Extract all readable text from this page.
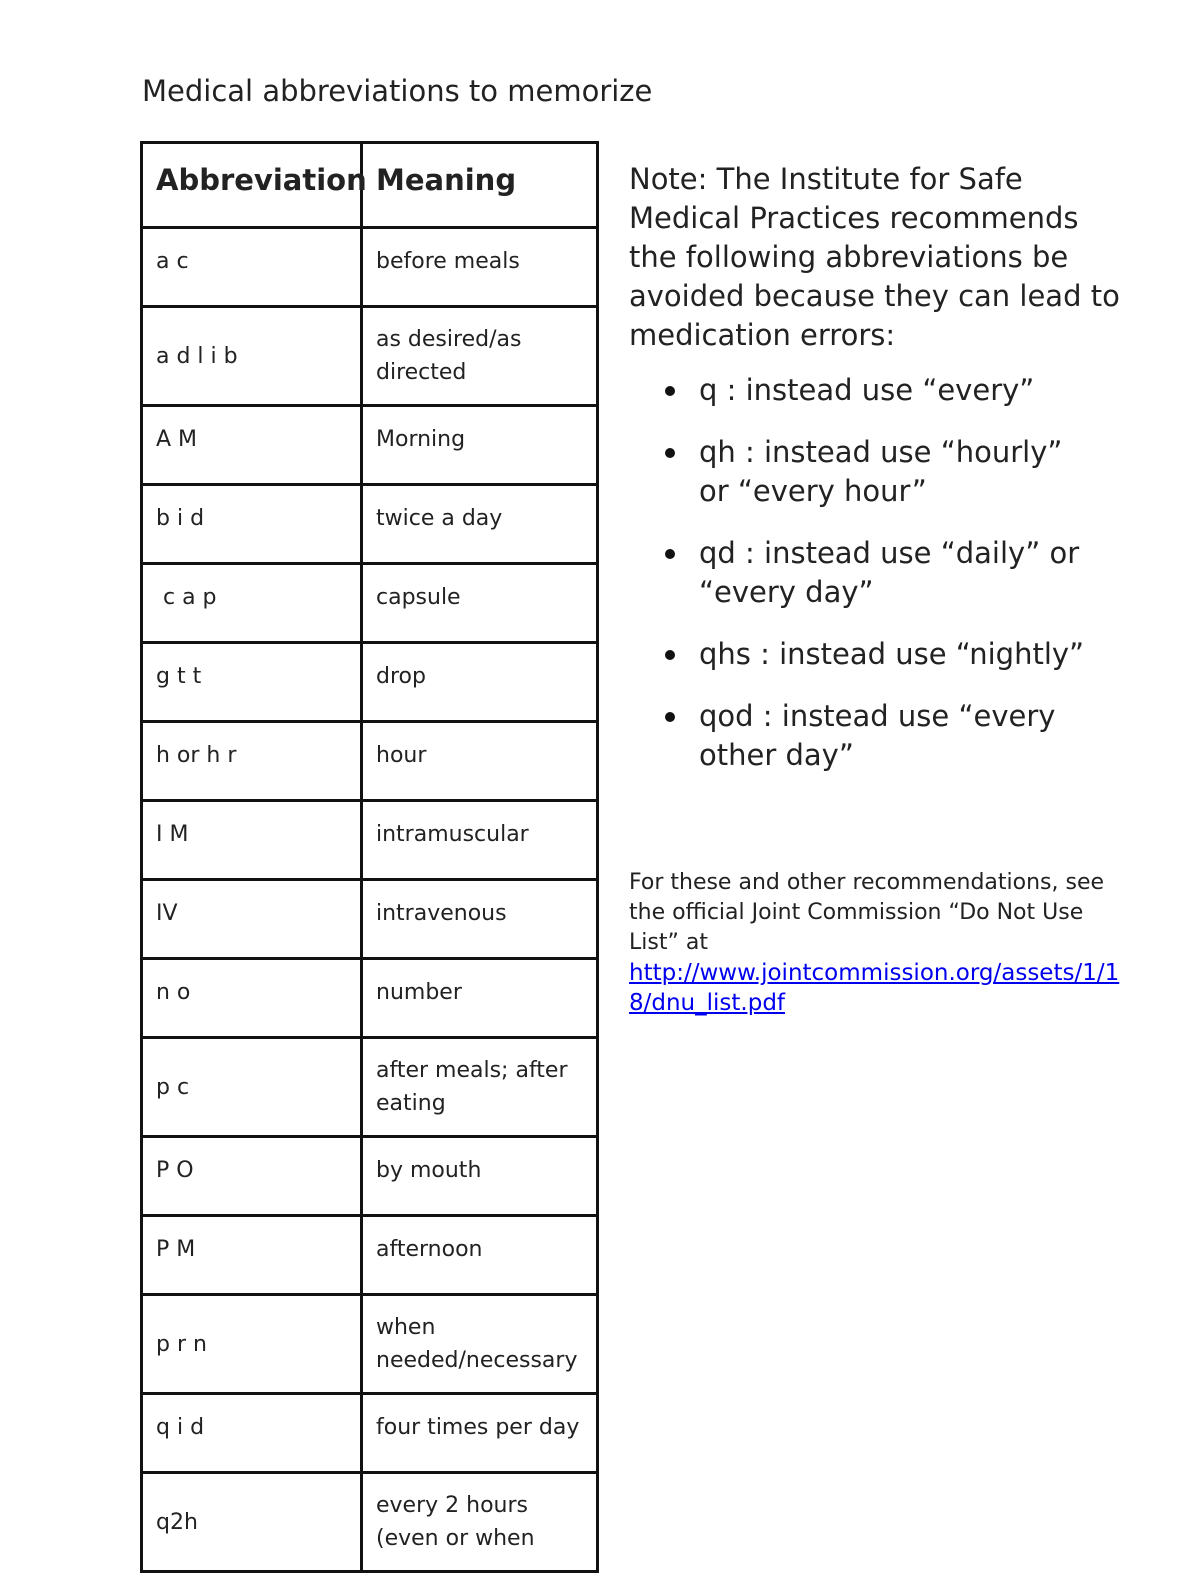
Medical abbreviations to memorize
Abbreviation	Meaning
a c	before meals
a d l i b	as desired/as directed
A M	Morning
b i d	twice a day
c a p	capsule
g t t	drop
h or h r	hour
I M	intramuscular
IV	intravenous
n o	number
p c	after meals; after eating
P O	by mouth
P M	afternoon
p r n	when needed/necessary
q i d	four times per day
q2h	every 2 hours (even or when

Note: The Institute for Safe Medical Practices recommends the following abbreviations be avoided because they can lead to medication errors:

q : instead use “every”
qh : instead use “hourly” or “every hour”
qd : instead use “daily” or “every day”
qhs : instead use “nightly”
qod : instead use “every other day”

For these and other recommendations, see the official Joint Commission “Do Not Use List” at

http://www.jointcommission.org/assets/1/18/dnu_list.pdf
